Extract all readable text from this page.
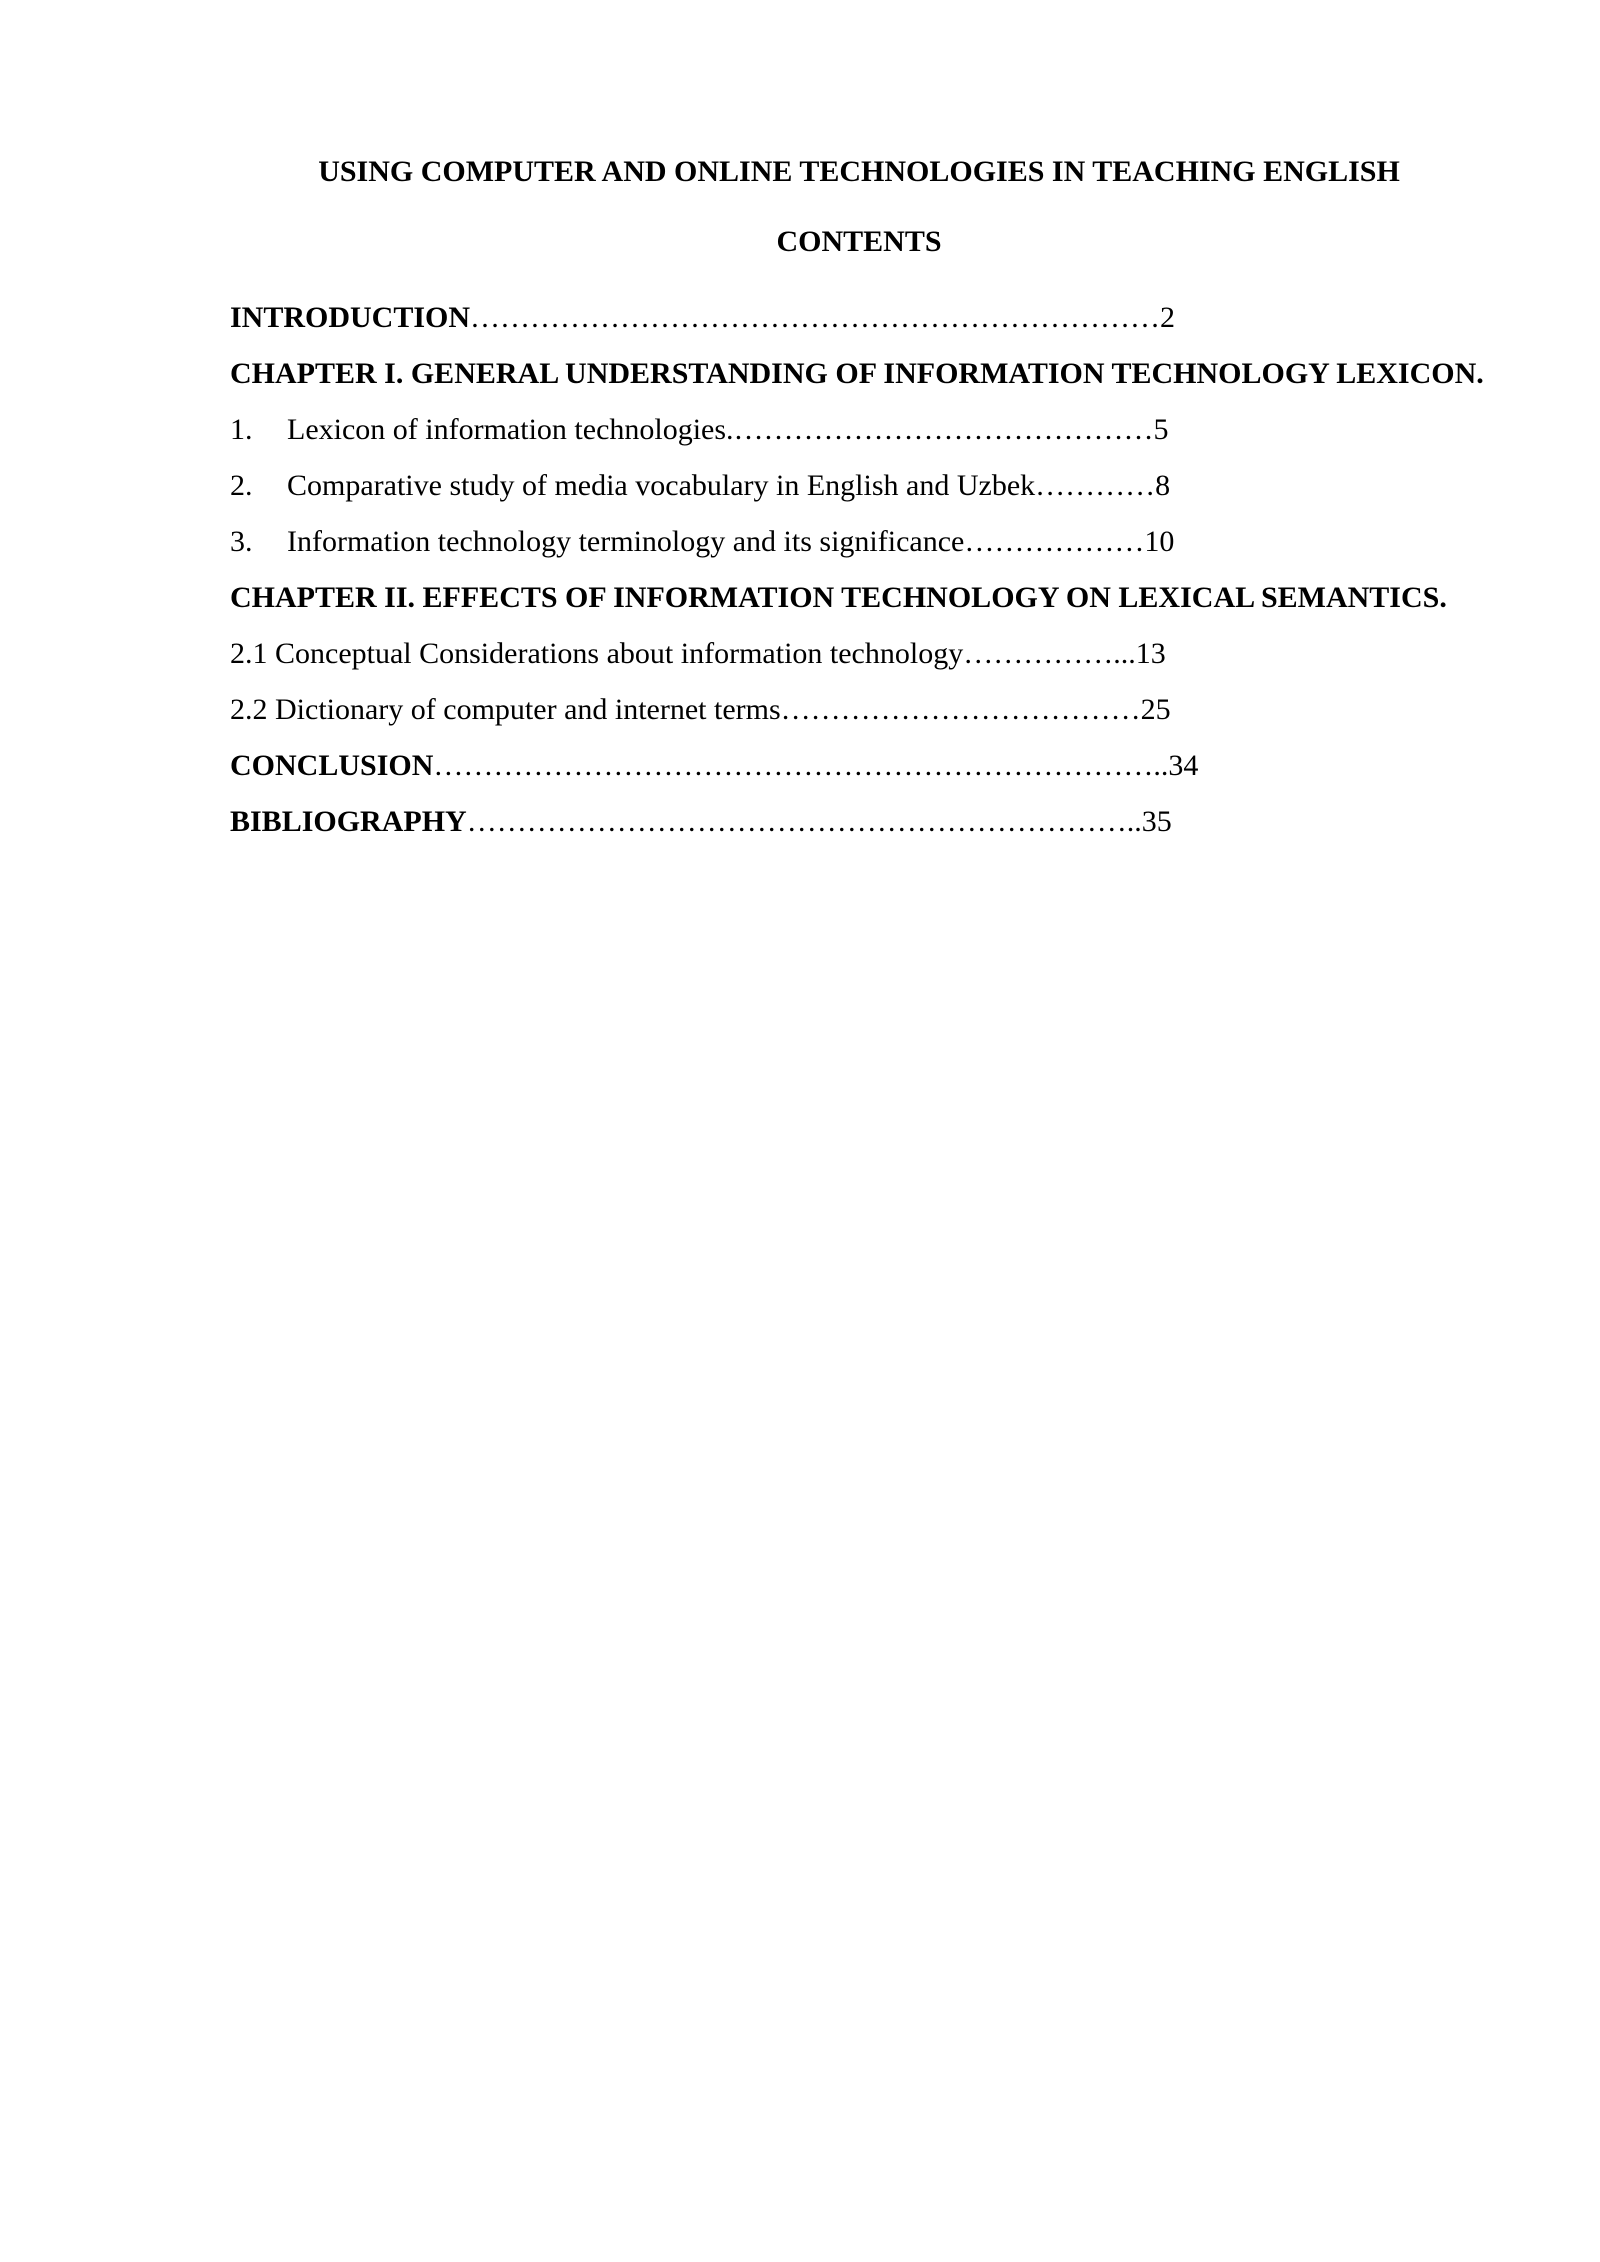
USING COMPUTER AND ONLINE TECHNOLOGIES IN TEACHING ENGLISH
CONTENTS
INTRODUCTION……………………………………………………………2
CHAPTER I. GENERAL UNDERSTANDING OF INFORMATION TECHNOLOGY LEXICON.
1. Lexicon of information technologies.……………………………………5
2. Comparative study of media vocabulary in English and Uzbek…………8
3. Information technology terminology and its significance………………10
CHAPTER II. EFFECTS OF INFORMATION TECHNOLOGY ON LEXICAL SEMANTICS.
2.1 Conceptual Considerations about information technology……………...13
2.2 Dictionary of computer and internet terms………………………………25
CONCLUSION………………………………………………………………..34
BIBLIOGRAPHY…………………………………………………………..35
